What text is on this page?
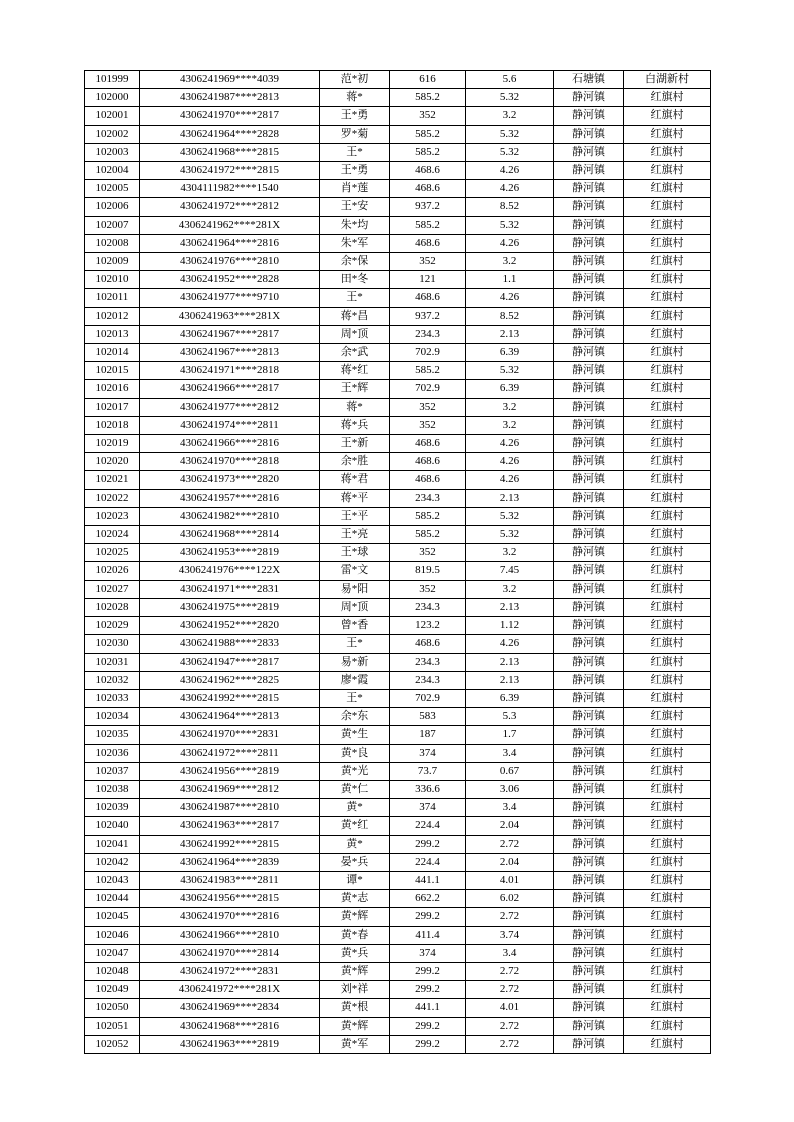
101999	4306241969****4039	范*初	616	5.6	石塘镇	白湖新村
102000	4306241987****2813	蒋*	585.2	5.32	静河镇	红旗村
102001	4306241970****2817	王*勇	352	3.2	静河镇	红旗村
102002	4306241964****2828	罗*菊	585.2	5.32	静河镇	红旗村
102003	4306241968****2815	王*	585.2	5.32	静河镇	红旗村
102004	4306241972****2815	王*勇	468.6	4.26	静河镇	红旗村
102005	4304111982****1540	肖*莲	468.6	4.26	静河镇	红旗村
102006	4306241972****2812	王*安	937.2	8.52	静河镇	红旗村
102007	4306241962****281X	朱*均	585.2	5.32	静河镇	红旗村
102008	4306241964****2816	朱*军	468.6	4.26	静河镇	红旗村
102009	4306241976****2810	余*保	352	3.2	静河镇	红旗村
102010	4306241952****2828	田*冬	121	1.1	静河镇	红旗村
102011	4306241977****9710	王*	468.6	4.26	静河镇	红旗村
102012	4306241963****281X	蒋*昌	937.2	8.52	静河镇	红旗村
102013	4306241967****2817	周*顶	234.3	2.13	静河镇	红旗村
102014	4306241967****2813	余*武	702.9	6.39	静河镇	红旗村
102015	4306241971****2818	蒋*红	585.2	5.32	静河镇	红旗村
102016	4306241966****2817	王*辉	702.9	6.39	静河镇	红旗村
102017	4306241977****2812	蒋*	352	3.2	静河镇	红旗村
102018	4306241974****2811	蒋*兵	352	3.2	静河镇	红旗村
102019	4306241966****2816	王*新	468.6	4.26	静河镇	红旗村
102020	4306241970****2818	余*胜	468.6	4.26	静河镇	红旗村
102021	4306241973****2820	蒋*君	468.6	4.26	静河镇	红旗村
102022	4306241957****2816	蒋*平	234.3	2.13	静河镇	红旗村
102023	4306241982****2810	王*平	585.2	5.32	静河镇	红旗村
102024	4306241968****2814	王*亮	585.2	5.32	静河镇	红旗村
102025	4306241953****2819	王*球	352	3.2	静河镇	红旗村
102026	4306241976****122X	雷*文	819.5	7.45	静河镇	红旗村
102027	4306241971****2831	易*阳	352	3.2	静河镇	红旗村
102028	4306241975****2819	周*顶	234.3	2.13	静河镇	红旗村
102029	4306241952****2820	曾*香	123.2	1.12	静河镇	红旗村
102030	4306241988****2833	王*	468.6	4.26	静河镇	红旗村
102031	4306241947****2817	易*新	234.3	2.13	静河镇	红旗村
102032	4306241962****2825	廖*霞	234.3	2.13	静河镇	红旗村
102033	4306241992****2815	王*	702.9	6.39	静河镇	红旗村
102034	4306241964****2813	余*东	583	5.3	静河镇	红旗村
102035	4306241970****2831	黄*生	187	1.7	静河镇	红旗村
102036	4306241972****2811	黄*良	374	3.4	静河镇	红旗村
102037	4306241956****2819	黄*光	73.7	0.67	静河镇	红旗村
102038	4306241969****2812	黄*仁	336.6	3.06	静河镇	红旗村
102039	4306241987****2810	黄*	374	3.4	静河镇	红旗村
102040	4306241963****2817	黄*红	224.4	2.04	静河镇	红旗村
102041	4306241992****2815	黄*	299.2	2.72	静河镇	红旗村
102042	4306241964****2839	晏*兵	224.4	2.04	静河镇	红旗村
102043	4306241983****2811	谭*	441.1	4.01	静河镇	红旗村
102044	4306241956****2815	黄*志	662.2	6.02	静河镇	红旗村
102045	4306241970****2816	黄*辉	299.2	2.72	静河镇	红旗村
102046	4306241966****2810	黄*春	411.4	3.74	静河镇	红旗村
102047	4306241970****2814	黄*兵	374	3.4	静河镇	红旗村
102048	4306241972****2831	黄*辉	299.2	2.72	静河镇	红旗村
102049	4306241972****281X	刘*祥	299.2	2.72	静河镇	红旗村
102050	4306241969****2834	黄*根	441.1	4.01	静河镇	红旗村
102051	4306241968****2816	黄*辉	299.2	2.72	静河镇	红旗村
102052	4306241963****2819	黄*军	299.2	2.72	静河镇	红旗村
